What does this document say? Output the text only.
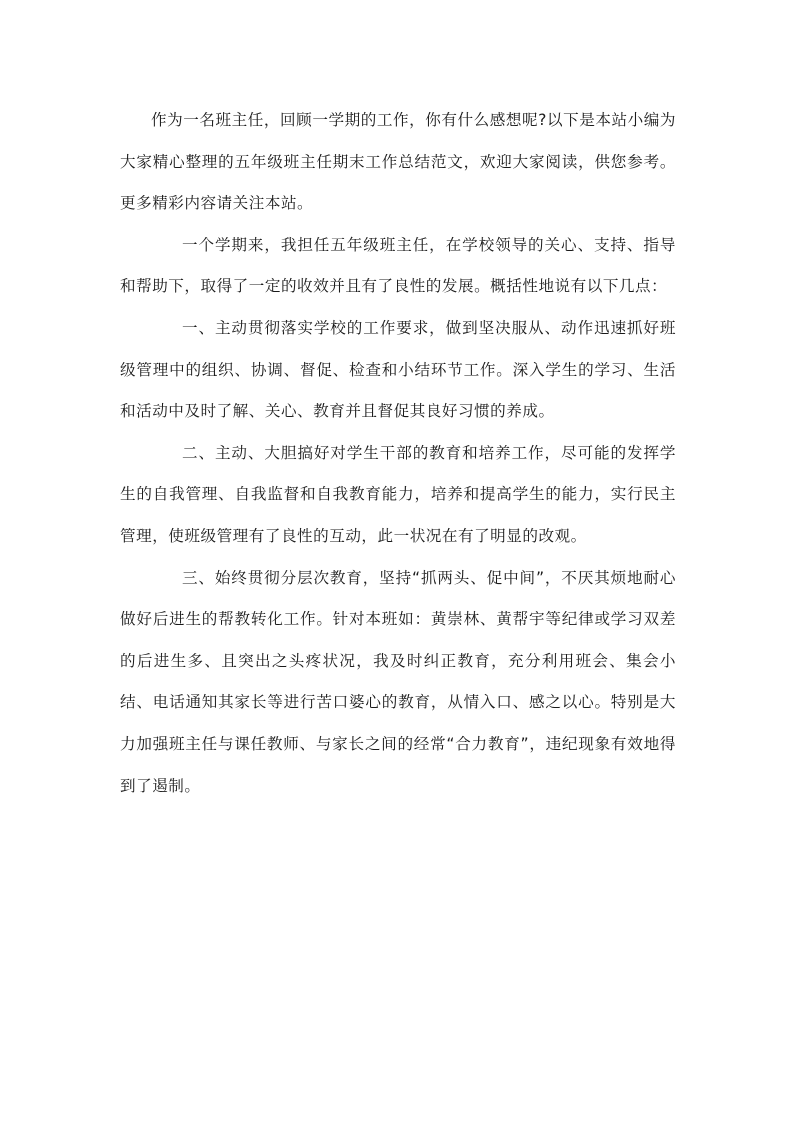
作为一名班主任，回顾一学期的工作，你有什么感想呢?以下是本站小编为大家精心整理的五年级班主任期末工作总结范文，欢迎大家阅读，供您参考。更多精彩内容请关注本站。

一个学期来，我担任五年级班主任，在学校领导的关心、支持、指导和帮助下，取得了一定的收效并且有了良性的发展。概括性地说有以下几点：

一、主动贯彻落实学校的工作要求，做到坚决服从、动作迅速抓好班级管理中的组织、协调、督促、检查和小结环节工作。深入学生的学习、生活和活动中及时了解、关心、教育并且督促其良好习惯的养成。

二、主动、大胆搞好对学生干部的教育和培养工作，尽可能的发挥学生的自我管理、自我监督和自我教育能力，培养和提高学生的能力，实行民主管理，使班级管理有了良性的互动，此一状况在有了明显的改观。

三、始终贯彻分层次教育，坚持“抓两头、促中间”，不厌其烦地耐心做好后进生的帮教转化工作。针对本班如：黄崇林、黄帮宇等纪律或学习双差的后进生多、且突出之头疼状况，我及时纠正教育，充分利用班会、集会小结、电话通知其家长等进行苦口婆心的教育，从情入口、感之以心。特别是大力加强班主任与课任教师、与家长之间的经常“合力教育”，违纪现象有效地得到了遏制。
